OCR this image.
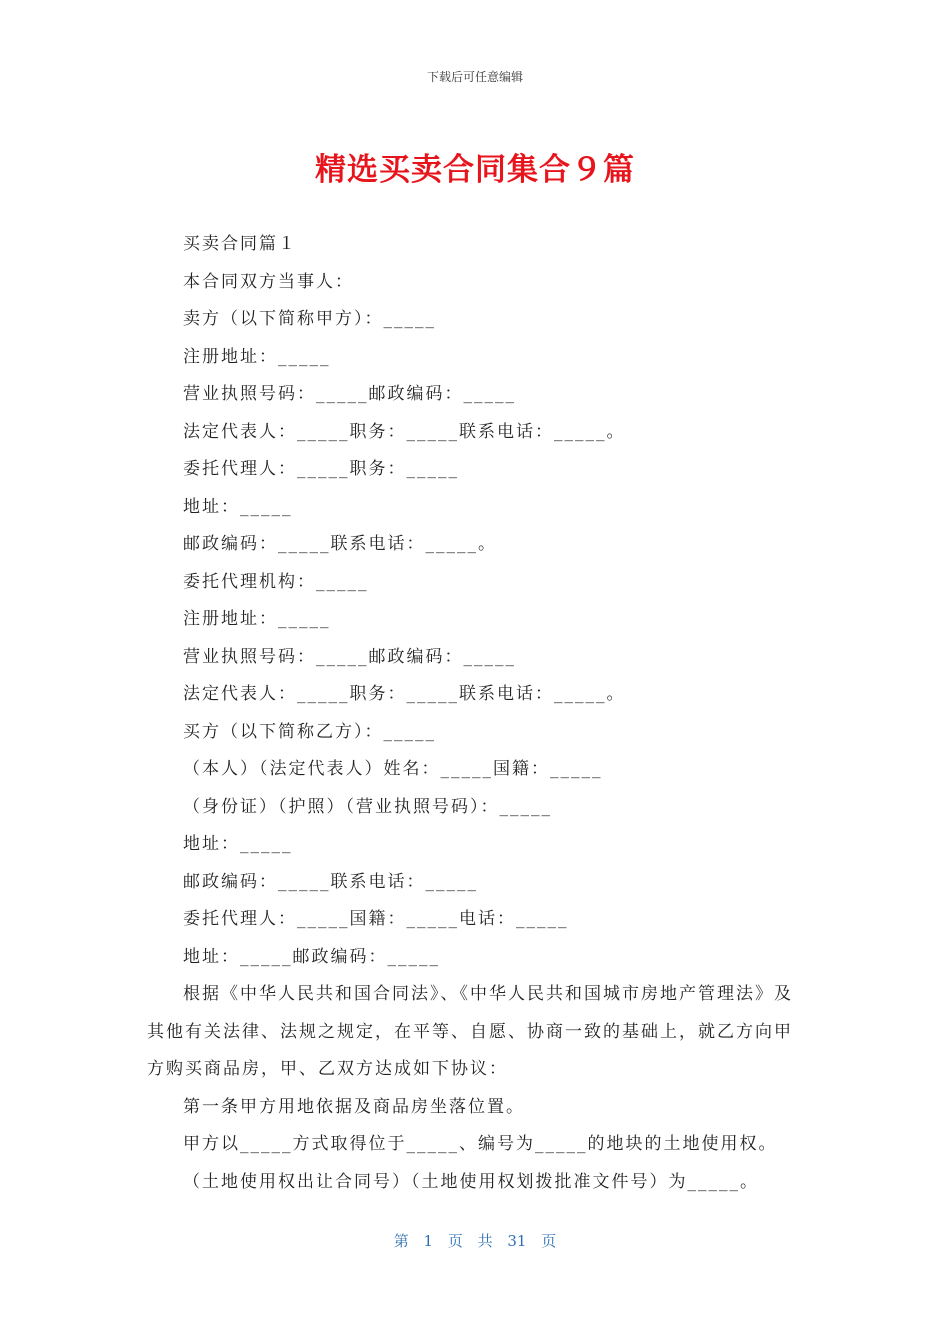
下载后可任意编辑
精选买卖合同集合９篇
买卖合同篇１
本合同双方当事人：
卖方（以下简称甲方）：_____
注册地址：_____
营业执照号码：_____邮政编码：_____
法定代表人：_____职务：_____联系电话：_____。
委托代理人：_____职务：_____
地址：_____
邮政编码：_____联系电话：_____。
委托代理机构：_____
注册地址：_____
营业执照号码：_____邮政编码：_____
法定代表人：_____职务：_____联系电话：_____。
买方（以下简称乙方）：_____
（本人）（法定代表人）姓名：_____国籍：_____
（身份证）（护照）（营业执照号码）：_____
地址：_____
邮政编码：_____联系电话：_____
委托代理人：_____国籍：_____电话：_____
地址：_____邮政编码：_____
根据《中华人民共和国合同法》、《中华人民共和国城市房地产管理法》及其他有关法律、法规之规定，在平等、自愿、协商一致的基础上，就乙方向甲方购买商品房，甲、乙双方达成如下协议：
第一条甲方用地依据及商品房坐落位置。
甲方以_____方式取得位于_____、编号为_____的地块的土地使用权。
（土地使用权出让合同号）（土地使用权划拨批准文件号）为_____。
第 1 页 共 31 页
